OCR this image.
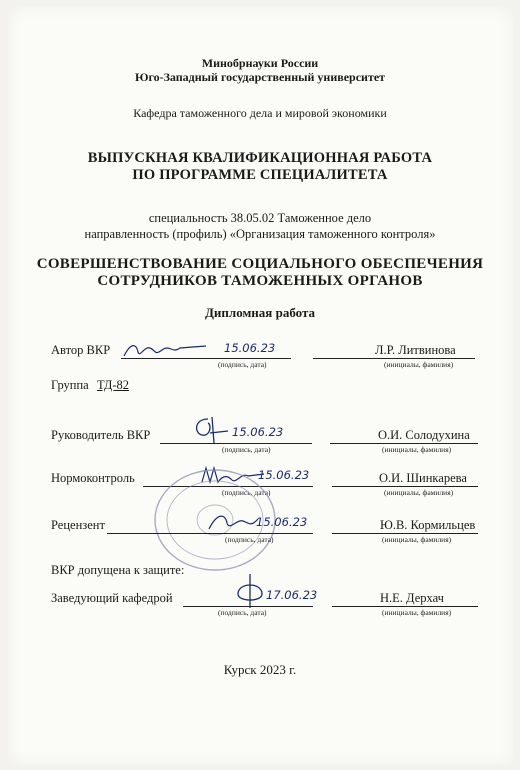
Минобрнауки России
Юго-Западный государственный университет
Кафедра таможенного дела и мировой экономики
ВЫПУСКНАЯ КВАЛИФИКАЦИОННАЯ РАБОТА
ПО ПРОГРАММЕ СПЕЦИАЛИТЕТА
специальность 38.05.02 Таможенное дело
направленность (профиль) «Организация таможенного контроля»
СОВЕРШЕНСТВОВАНИЕ СОЦИАЛЬНОГО ОБЕСПЕЧЕНИЯ
СОТРУДНИКОВ ТАМОЖЕННЫХ ОРГАНОВ
Дипломная работа
Автор ВКР	15.06.23
(подпись, дата)
Л.Р. Литвинова
(инициалы, фамилия)
Группа ТД-82
Руководитель ВКР	15.06.23
(подпись, дата)
О.И. Солодухина
(инициалы, фамилия)
Нормоконтроль	15.06.23
(подпись, дата)
О.И. Шинкарева
(инициалы, фамилия)
Рецензент	15.06.23
(подпись, дата)
Ю.В. Кормильцев
(инициалы, фамилия)
ВКР допущена к защите:
Заведующий кафедрой	17.06.23
(подпись, дата)
Н.Е. Дерхач
(инициалы, фамилия)
Курск 2023 г.
